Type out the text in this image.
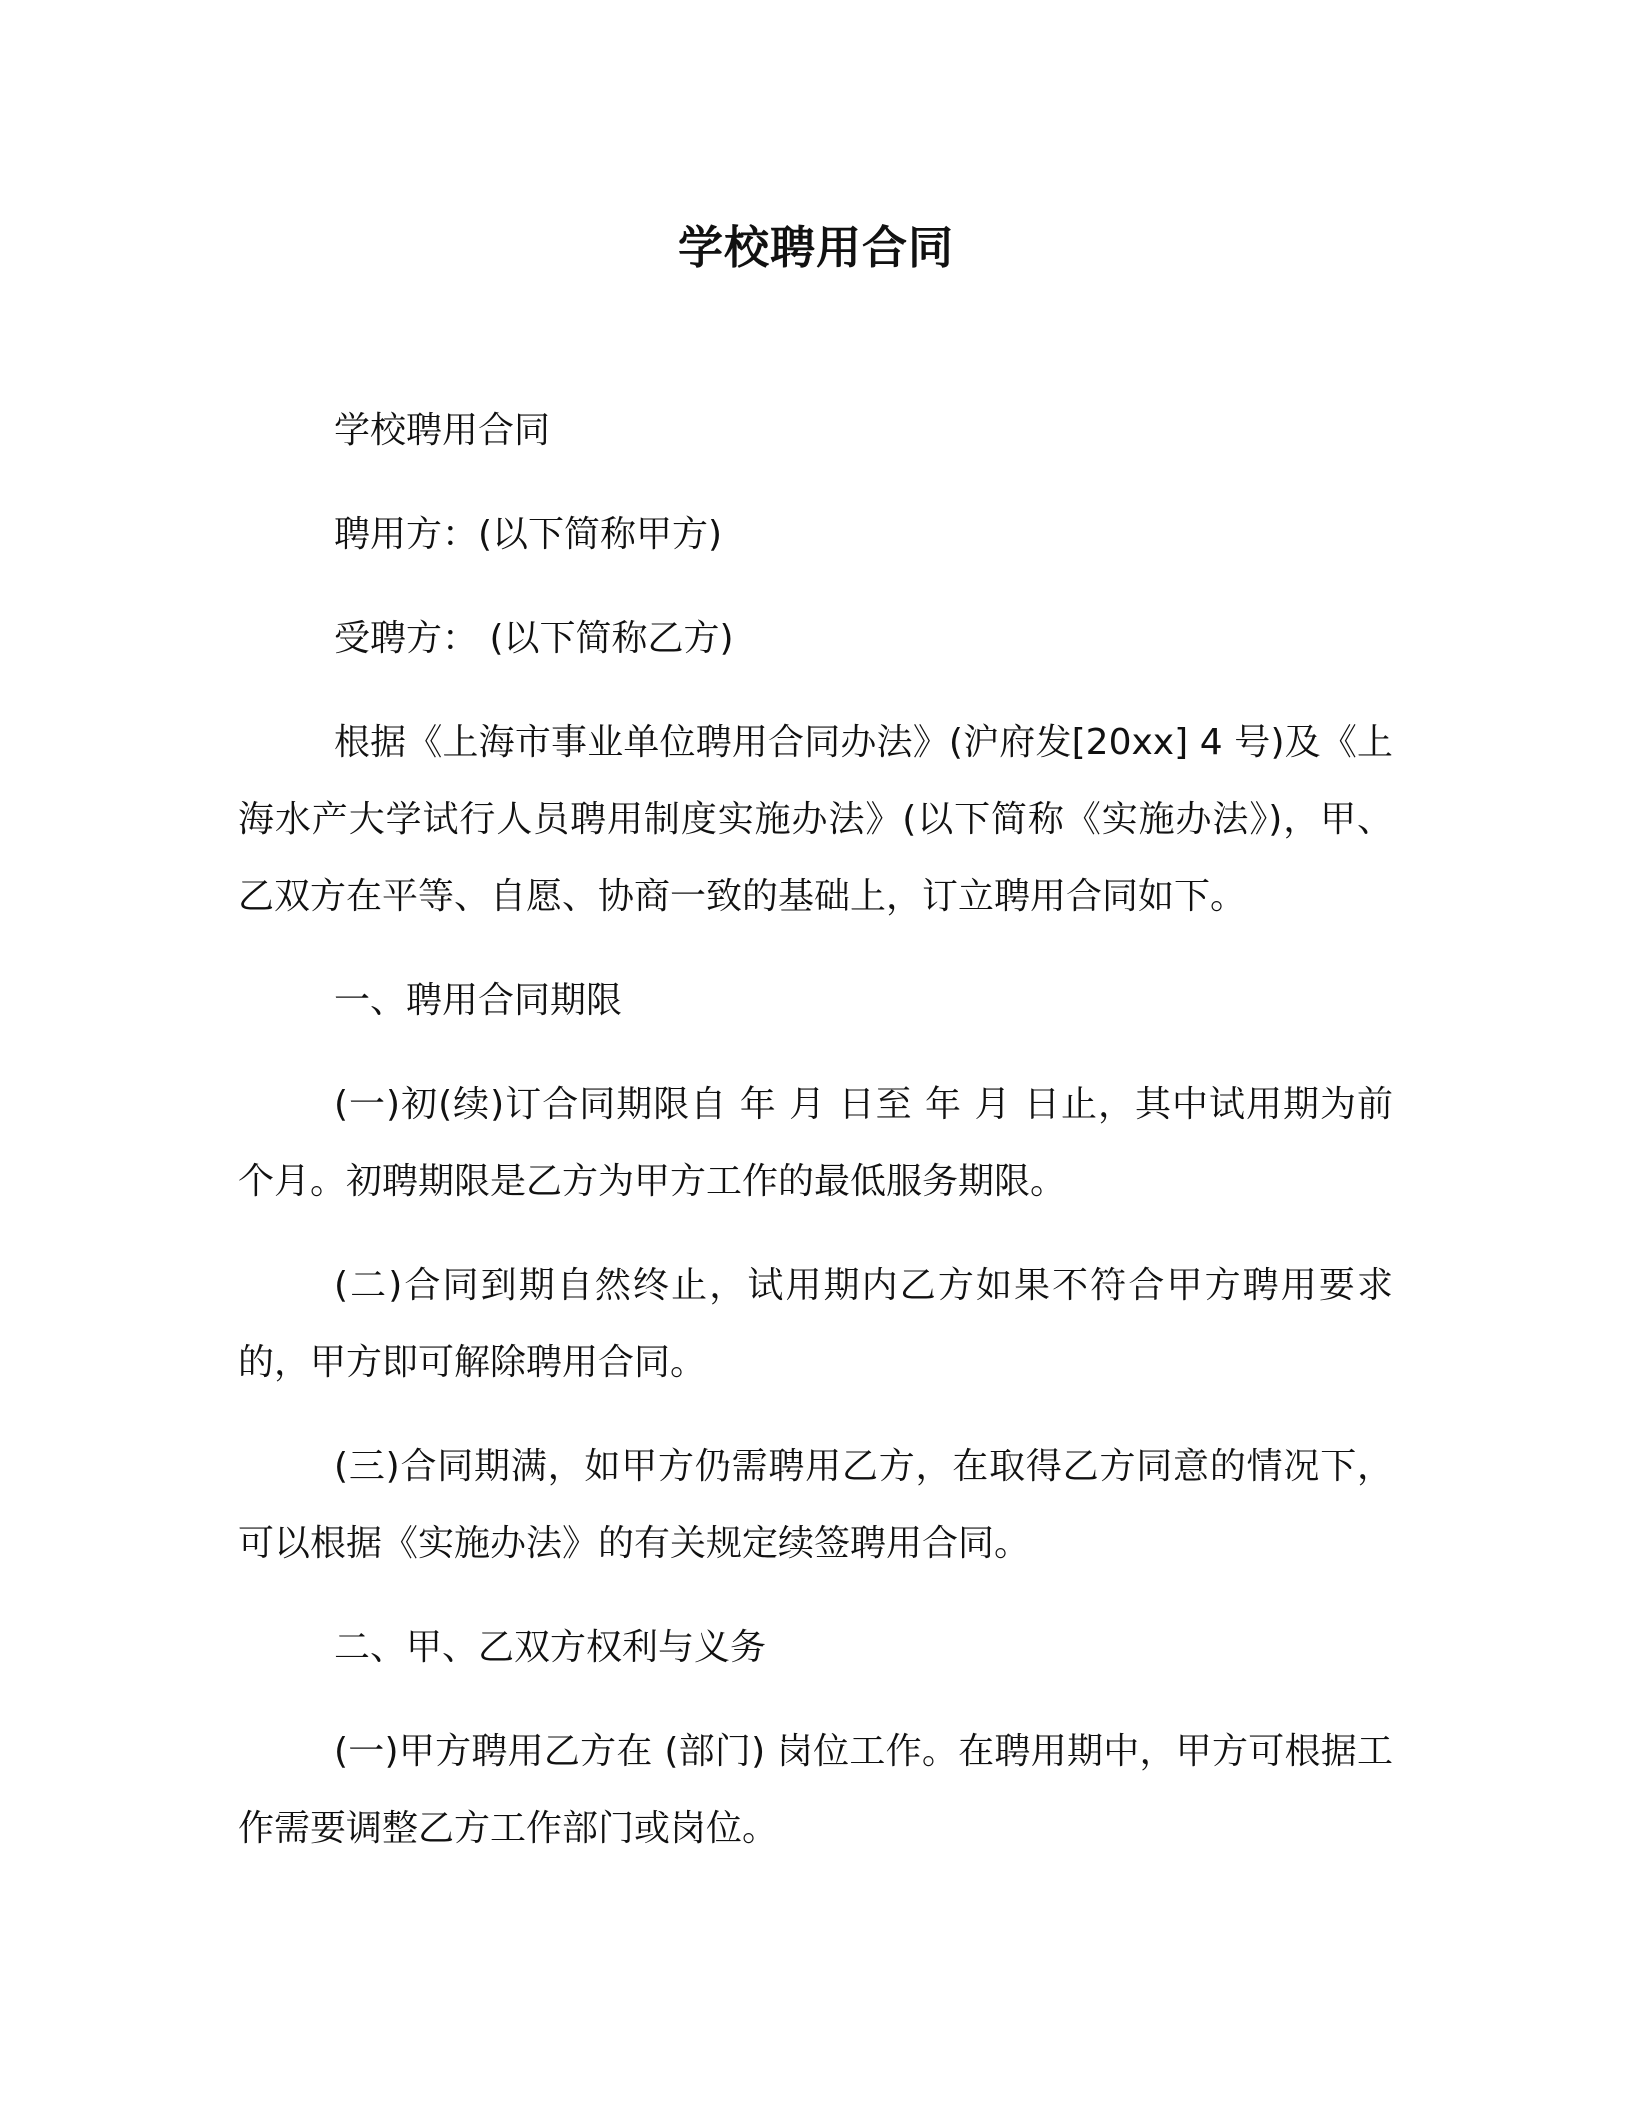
学校聘用合同

学校聘用合同

聘用方：(以下简称甲方)

受聘方： (以下简称乙方)

根据《上海市事业单位聘用合同办法》(沪府发[20xx] 4 号)及《上海水产大学试行人员聘用制度实施办法》(以下简称《实施办法》)，甲、乙双方在平等、自愿、协商一致的基础上，订立聘用合同如下。

一、聘用合同期限

(一)初(续)订合同期限自 年 月 日至 年 月 日止，其中试用期为前 个月。初聘期限是乙方为甲方工作的最低服务期限。

(二)合同到期自然终止，试用期内乙方如果不符合甲方聘用要求的，甲方即可解除聘用合同。

(三)合同期满，如甲方仍需聘用乙方，在取得乙方同意的情况下，可以根据《实施办法》的有关规定续签聘用合同。

二、甲、乙双方权利与义务

(一)甲方聘用乙方在 (部门) 岗位工作。在聘用期中，甲方可根据工作需要调整乙方工作部门或岗位。
